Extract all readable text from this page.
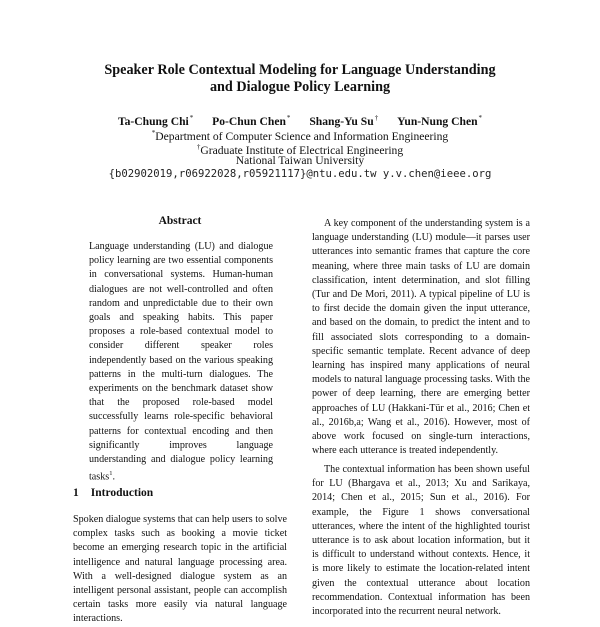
Speaker Role Contextual Modeling for Language Understanding
and Dialogue Policy Learning
Ta-Chung Chi* Po-Chun Chen* Shang-Yu Su† Yun-Nung Chen*

*Department of Computer Science and Information Engineering

†Graduate Institute of Electrical Engineering

National Taiwan University

{b02902019,r06922028,r05921117}@ntu.edu.tw y.v.chen@ieee.org
Abstract

Language understanding (LU) and dialogue policy learning are two essential components in conversational systems. Human-human dialogues are not well-controlled and often random and unpredictable due to their own goals and speaking habits. This paper proposes a role-based contextual model to consider different speaker roles independently based on the various speaking patterns in the multi-turn dialogues. The experiments on the benchmark dataset show that the proposed role-based model successfully learns role-specific behavioral patterns for contextual encoding and then significantly improves language understanding and dialogue policy learning tasks$^1$.

1 Introduction

Spoken dialogue systems that can help users to solve complex tasks such as booking a movie ticket become an emerging research topic in the artificial intelligence and natural language processing area. With a well-designed dialogue system as an intelligent personal assistant, people can accomplish certain tasks more easily via natural language interactions.

A key component of the understanding system is a language understanding (LU) module—it parses user utterances into semantic frames that capture the core meaning, where three main tasks of LU are domain classification, intent determination, and slot filling (Tur and De Mori, 2011). A typical pipeline of LU is to first decide the domain given the input utterance, and based on the domain, to predict the intent and to fill associated slots corresponding to a domain-specific semantic template. Recent advance of deep learning has inspired many applications of neural models to natural language processing tasks. With the power of deep learning, there are emerging better approaches of LU (Hakkani-Tür et al., 2016; Chen et al., 2016b,a; Wang et al., 2016). However, most of above work focused on single-turn interactions, where each utterance is treated independently.

The contextual information has been shown useful for LU (Bhargava et al., 2013; Xu and Sarikaya, 2014; Chen et al., 2015; Sun et al., 2016). For example, the Figure 1 shows conversational utterances, where the intent of the highlighted tourist utterance is to ask about location information, but it is difficult to understand without contexts. Hence, it is more likely to estimate the location-related intent given the contextual utterance about location recommendation. Contextual information has been incorporated into the recurrent neural network.
